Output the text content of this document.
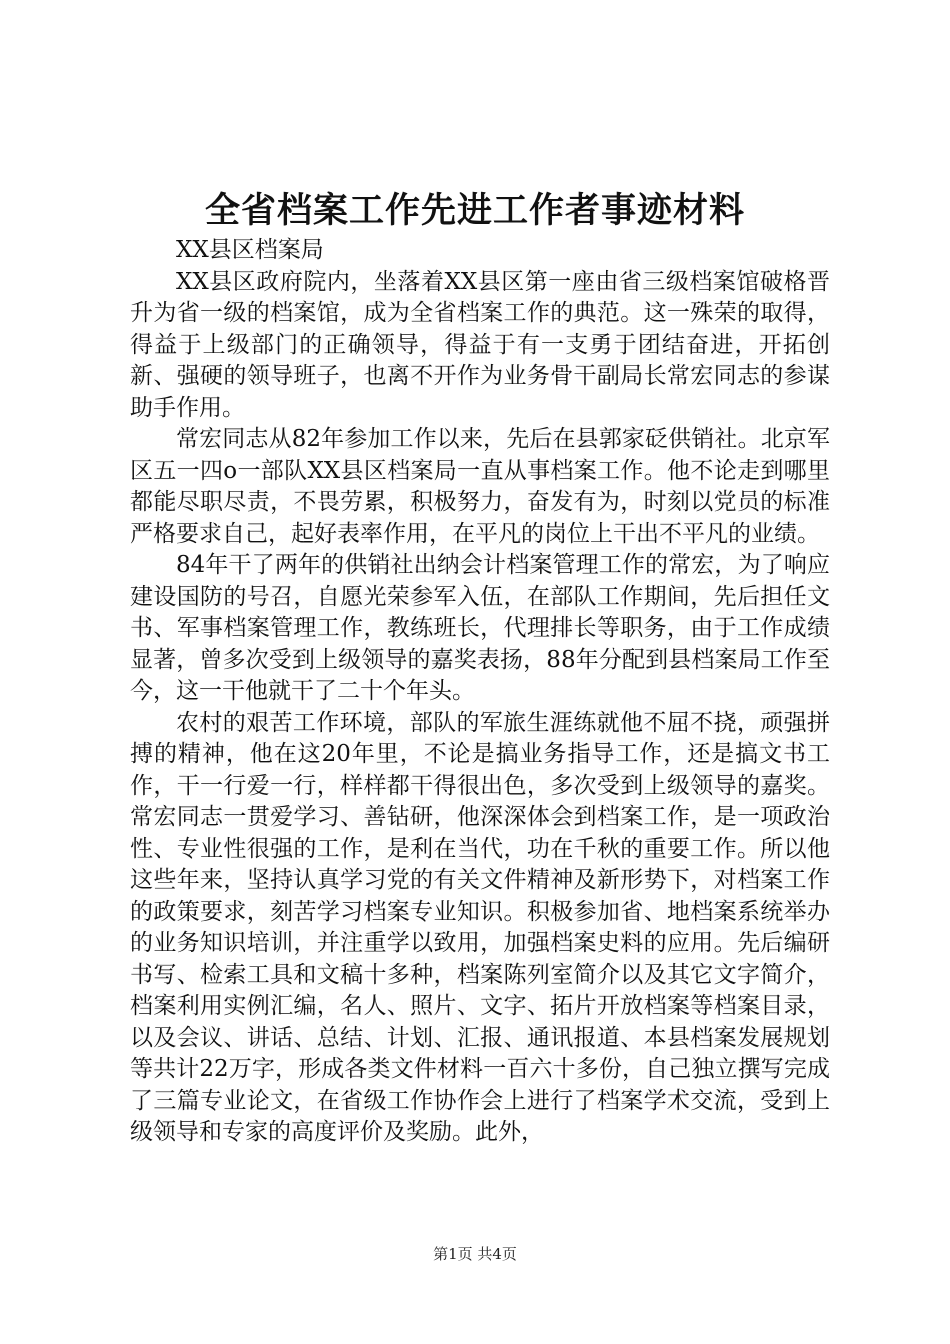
全省档案工作先进工作者事迹材料

XX县区档案局

XX县区政府院内，坐落着XX县区第一座由省三级档案馆破格晋升为省一级的档案馆，成为全省档案工作的典范。这一殊荣的取得，得益于上级部门的正确领导，得益于有一支勇于团结奋进，开拓创新、强硬的领导班子，也离不开作为业务骨干副局长常宏同志的参谋助手作用。

常宏同志从82年参加工作以来，先后在县郭家砭供销社。北京军区五一四o一部队XX县区档案局一直从事档案工作。他不论走到哪里都能尽职尽责，不畏劳累，积极努力，奋发有为，时刻以党员的标准严格要求自己，起好表率作用，在平凡的岗位上干出不平凡的业绩。

84年干了两年的供销社出纳会计档案管理工作的常宏，为了响应建设国防的号召，自愿光荣参军入伍，在部队工作期间，先后担任文书、军事档案管理工作，教练班长，代理排长等职务，由于工作成绩显著，曾多次受到上级领导的嘉奖表扬，88年分配到县档案局工作至今，这一干他就干了二十个年头。

农村的艰苦工作环境，部队的军旅生涯练就他不屈不挠，顽强拼搏的精神，他在这20年里，不论是搞业务指导工作，还是搞文书工作，干一行爱一行，样样都干得很出色，多次受到上级领导的嘉奖。常宏同志一贯爱学习、善钻研，他深深体会到档案工作，是一项政治性、专业性很强的工作，是利在当代，功在千秋的重要工作。所以他这些年来，坚持认真学习党的有关文件精神及新形势下，对档案工作的政策要求，刻苦学习档案专业知识。积极参加省、地档案系统举办的业务知识培训，并注重学以致用，加强档案史料的应用。先后编研书写、检索工具和文稿十多种，档案陈列室简介以及其它文字简介，档案利用实例汇编，名人、照片、文字、拓片开放档案等档案目录，以及会议、讲话、总结、计划、汇报、通讯报道、本县档案发展规划等共计22万字，形成各类文件材料一百六十多份，自己独立撰写完成了三篇专业论文，在省级工作协作会上进行了档案学术交流，受到上级领导和专家的高度评价及奖励。此外，

第1页 共4页
